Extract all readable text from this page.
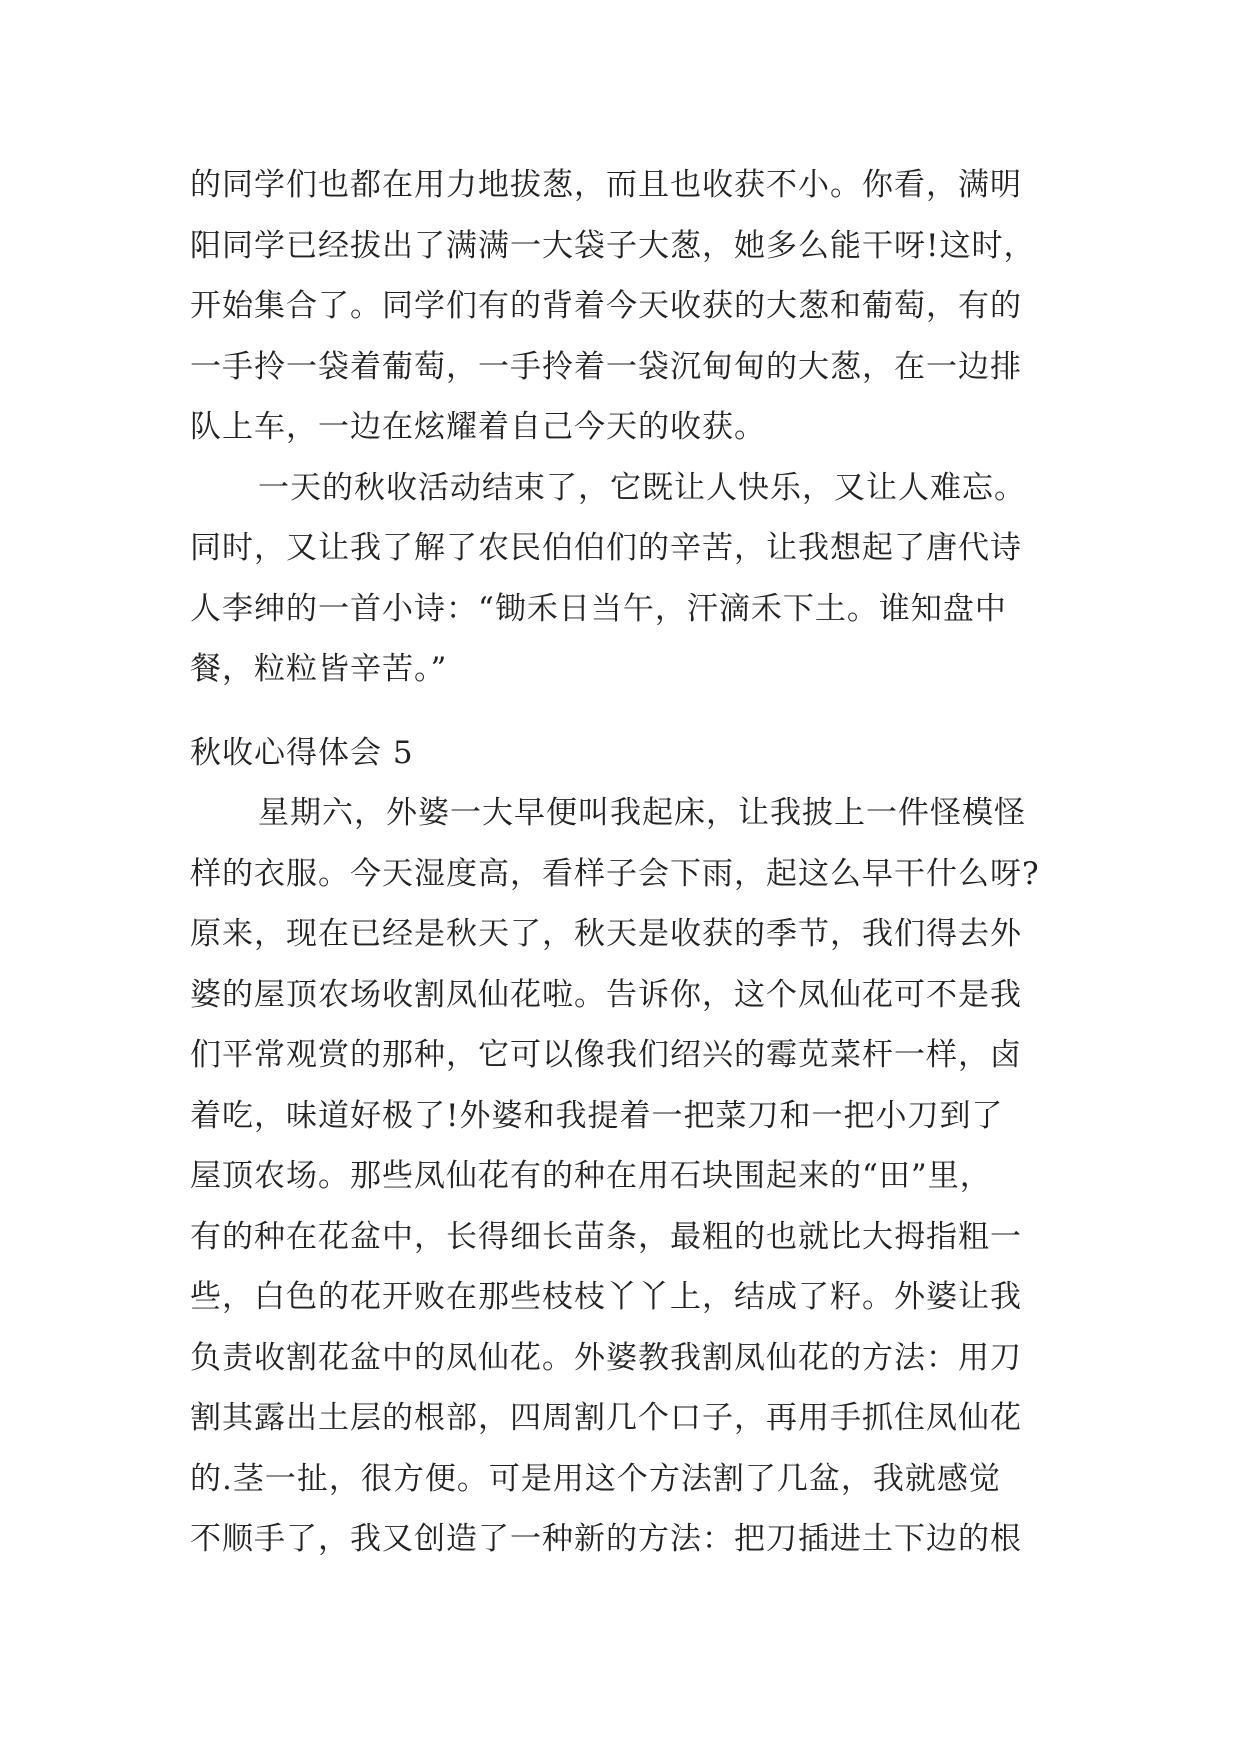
的同学们也都在用力地拔葱，而且也收获不小。你看，满明
阳同学已经拔出了满满一大袋子大葱，她多么能干呀!这时，
开始集合了。同学们有的背着今天收获的大葱和葡萄，有的
一手拎一袋着葡萄，一手拎着一袋沉甸甸的大葱，在一边排
队上车，一边在炫耀着自己今天的收获。
一天的秋收活动结束了，它既让人快乐，又让人难忘。
同时，又让我了解了农民伯伯们的辛苦，让我想起了唐代诗
人李绅的一首小诗：“锄禾日当午，汗滴禾下土。谁知盘中
餐，粒粒皆辛苦。”
秋收心得体会 5
星期六，外婆一大早便叫我起床，让我披上一件怪模怪
样的衣服。今天湿度高，看样子会下雨，起这么早干什么呀?
原来，现在已经是秋天了，秋天是收获的季节，我们得去外
婆的屋顶农场收割凤仙花啦。告诉你，这个凤仙花可不是我
们平常观赏的那种，它可以像我们绍兴的霉苋菜杆一样，卤
着吃，味道好极了!外婆和我提着一把菜刀和一把小刀到了
屋顶农场。那些凤仙花有的种在用石块围起来的“田”里，
有的种在花盆中，长得细长苗条，最粗的也就比大拇指粗一
些，白色的花开败在那些枝枝丫丫上，结成了籽。外婆让我
负责收割花盆中的凤仙花。外婆教我割凤仙花的方法：用刀
割其露出土层的根部，四周割几个口子，再用手抓住凤仙花
的.茎一扯，很方便。可是用这个方法割了几盆，我就感觉
不顺手了，我又创造了一种新的方法：把刀插进土下边的根
